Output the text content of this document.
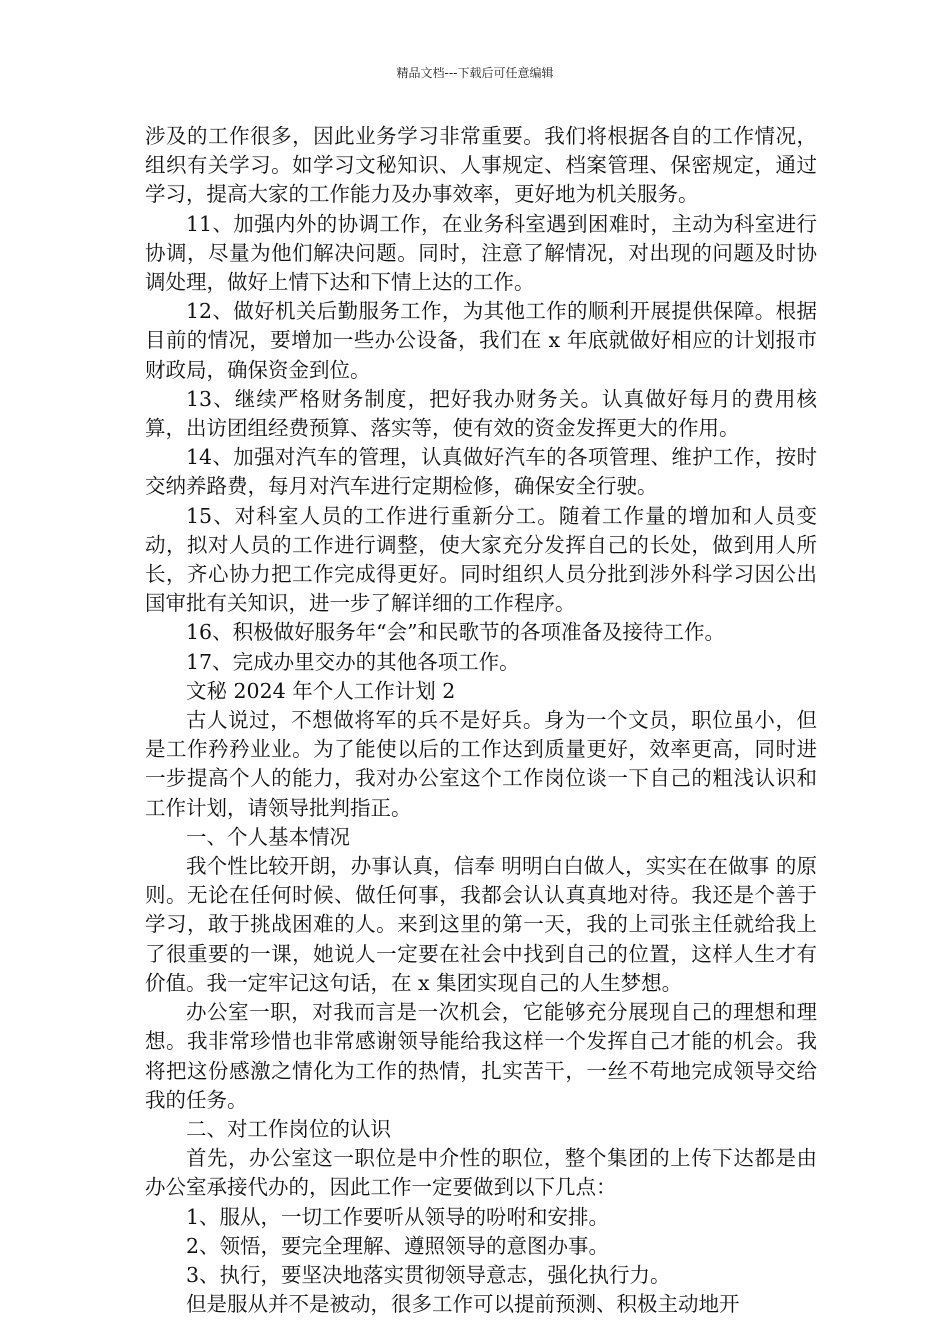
精品文档---下载后可任意编辑

涉及的工作很多，因此业务学习非常重要。我们将根据各自的工作情况，组织有关学习。如学习文秘知识、人事规定、档案管理、保密规定，通过学习，提高大家的工作能力及办事效率，更好地为机关服务。

11、加强内外的协调工作，在业务科室遇到困难时，主动为科室进行协调，尽量为他们解决问题。同时，注意了解情况，对出现的问题及时协调处理，做好上情下达和下情上达的工作。

12、做好机关后勤服务工作，为其他工作的顺利开展提供保障。根据目前的情况，要增加一些办公设备，我们在 x 年底就做好相应的计划报市财政局，确保资金到位。

13、继续严格财务制度，把好我办财务关。认真做好每月的费用核算，出访团组经费预算、落实等，使有效的资金发挥更大的作用。

14、加强对汽车的管理，认真做好汽车的各项管理、维护工作，按时交纳养路费，每月对汽车进行定期检修，确保安全行驶。

15、对科室人员的工作进行重新分工。随着工作量的增加和人员变动，拟对人员的工作进行调整，使大家充分发挥自己的长处，做到用人所长，齐心协力把工作完成得更好。同时组织人员分批到涉外科学习因公出国审批有关知识，进一步了解详细的工作程序。

16、积极做好服务年“会”和民歌节的各项准备及接待工作。

17、完成办里交办的其他各项工作。

文秘 2024 年个人工作计划 2

古人说过，不想做将军的兵不是好兵。身为一个文员，职位虽小，但是工作矜矜业业。为了能使以后的工作达到质量更好，效率更高，同时进一步提高个人的能力，我对办公室这个工作岗位谈一下自己的粗浅认识和工作计划，请领导批判指正。

一、个人基本情况

我个性比较开朗，办事认真，信奉 明明白白做人，实实在在做事 的原则。无论在任何时候、做任何事，我都会认认真真地对待。我还是个善于学习，敢于挑战困难的人。来到这里的第一天，我的上司张主任就给我上了很重要的一课，她说人一定要在社会中找到自己的位置，这样人生才有价值。我一定牢记这句话，在 x 集团实现自己的人生梦想。

办公室一职，对我而言是一次机会，它能够充分展现自己的理想和理想。我非常珍惜也非常感谢领导能给我这样一个发挥自己才能的机会。我将把这份感激之情化为工作的热情，扎实苦干，一丝不苟地完成领导交给我的任务。

二、对工作岗位的认识

首先，办公室这一职位是中介性的职位，整个集团的上传下达都是由办公室承接代办的，因此工作一定要做到以下几点：

1、服从，一切工作要听从领导的吩咐和安排。

2、领悟，要完全理解、遵照领导的意图办事。

3、执行，要坚决地落实贯彻领导意志，强化执行力。

但是服从并不是被动，很多工作可以提前预测、积极主动地开
